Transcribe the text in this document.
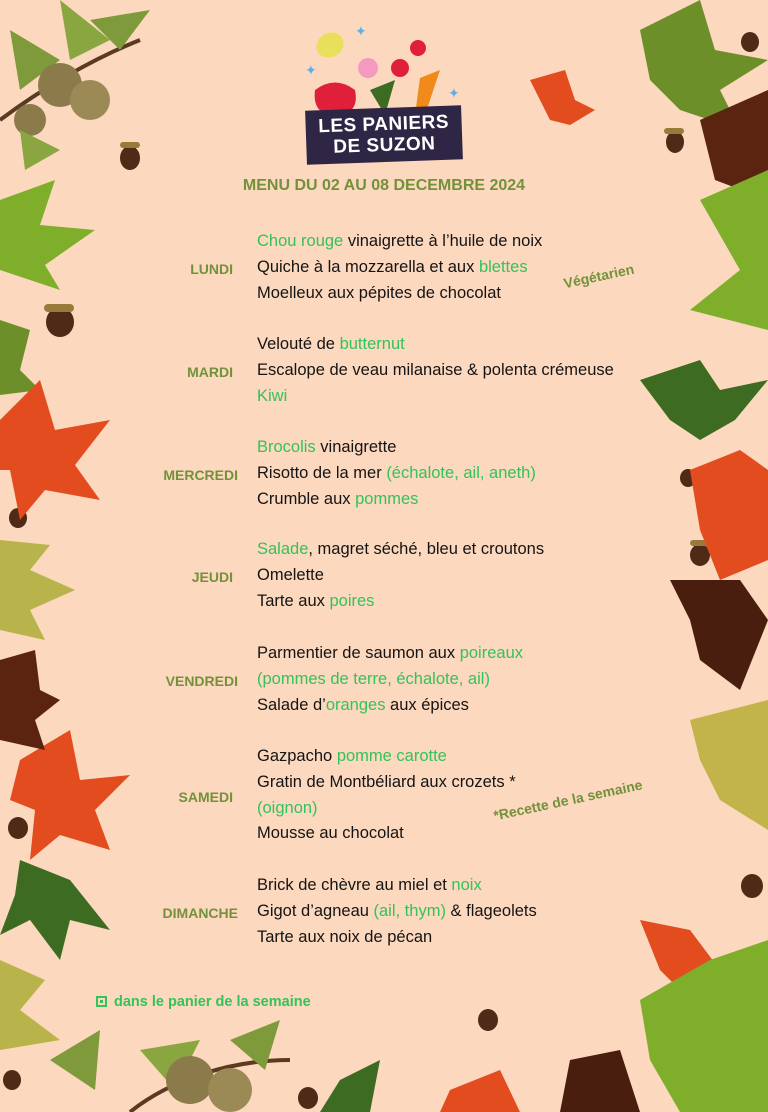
✦
✦
✦
LES PANIERS
DE SUZON
MENU DU 02 AU 08 DECEMBRE 2024
LUNDI
Chou rouge vinaigrette à l’huile de noix
Quiche à la mozzarella et aux blettes
Moelleux aux pépites de chocolat
MARDI
Velouté de butternut
Escalope de veau milanaise & polenta crémeuse
Kiwi
MERCREDI
Brocolis vinaigrette
Risotto de la mer (échalote, ail, aneth)
Crumble aux pommes
JEUDI
Salade, magret séché, bleu et croutons
Omelette
Tarte aux poires
VENDREDI
Parmentier de saumon aux poireaux
(pommes de terre, échalote, ail)
Salade d’oranges aux épices
SAMEDI
Gazpacho pomme carotte
Gratin de Montbéliard aux crozets *
(oignon)
Mousse au chocolat
DIMANCHE
Brick de chèvre au miel et noix
Gigot d’agneau (ail, thym) & flageolets
Tarte aux noix de pécan
Végétarien
*Recette de la semaine
dans le panier de la semaine
